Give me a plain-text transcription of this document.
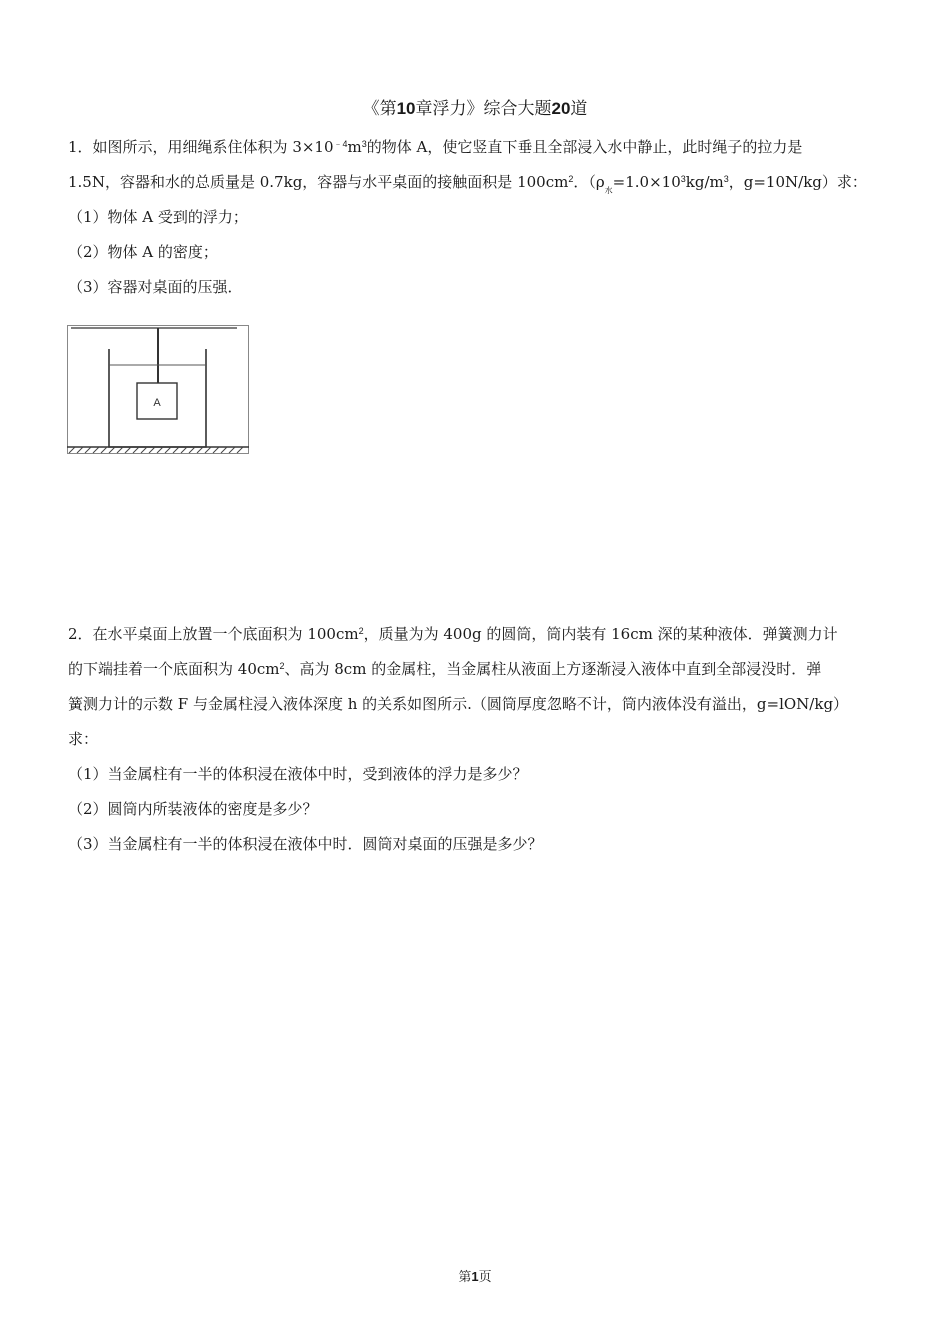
《第10章浮力》综合大题20道
1．如图所示，用细绳系住体积为 $3\times 10^{﹣4}m^3$的物体 A，使它竖直下垂且全部浸入水中静止，此时绳子的拉力是
1.5N，容器和水的总质量是 0.7kg，容器与水平桌面的接触面积是 $100cm^2$．（$\rho_水=1.0\times 10^3kg/m^3$，g=10N/kg）求：
（1）物体 A 受到的浮力；
（2）物体 A 的密度；
（3）容器对桌面的压强．
A
2．在水平桌面上放置一个底面积为 $100cm^2$，质量为为 400g 的圆筒，筒内装有 16cm 深的某种液体．弹簧测力计
的下端挂着一个底面积为 $40cm^2$、高为 8cm 的金属柱，当金属柱从液面上方逐渐浸入液体中直到全部浸没时．弹
簧测力计的示数 F 与金属柱浸入液体深度 h 的关系如图所示.（圆筒厚度忽略不计，筒内液体没有溢出，g=lON/kg）
求：
（1）当金属柱有一半的体积浸在液体中时，受到液体的浮力是多少？
（2）圆筒内所装液体的密度是多少？
（3）当金属柱有一半的体积浸在液体中时．圆筒对桌面的压强是多少？
第1页
